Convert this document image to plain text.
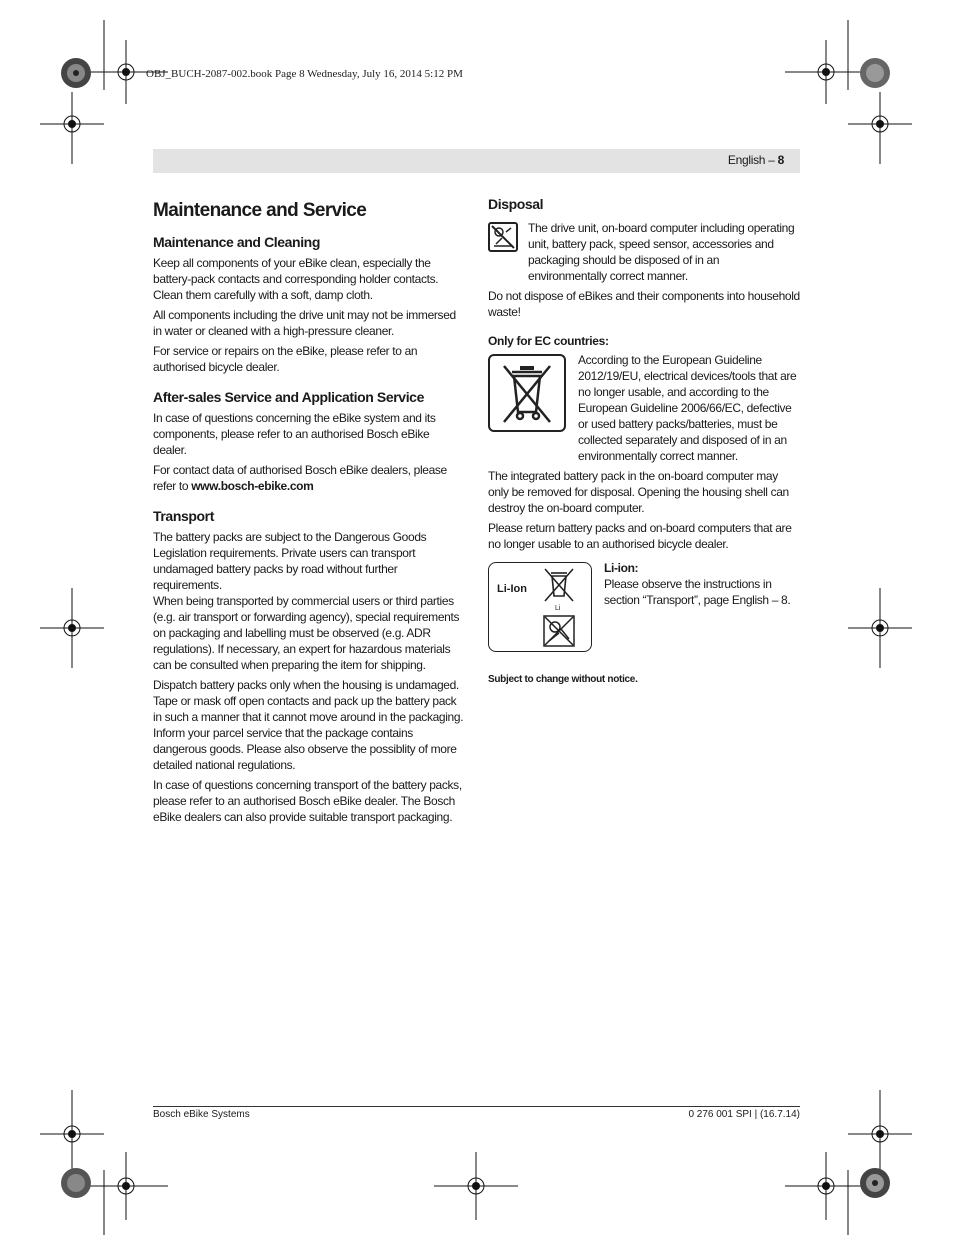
OBJ_BUCH-2087-002.book Page 8 Wednesday, July 16, 2014 5:12 PM
English – 8
Maintenance and Service
Maintenance and Cleaning

Keep all components of your eBike clean, especially the battery-pack contacts and corresponding holder contacts. Clean them carefully with a soft, damp cloth.

All components including the drive unit may not be immersed in water or cleaned with a high-pressure cleaner.

For service or repairs on the eBike, please refer to an authorised bicycle dealer.

After-sales Service and Application Service

In case of questions concerning the eBike system and its components, please refer to an authorised Bosch eBike dealer.

For contact data of authorised Bosch eBike dealers, please refer to www.bosch-ebike.com

Transport

The battery packs are subject to the Dangerous Goods Legislation requirements. Private users can transport undamaged battery packs by road without further requirements.

When being transported by commercial users or third parties (e.g. air transport or forwarding agency), special requirements on packaging and labelling must be observed (e.g. ADR regulations). If necessary, an expert for hazardous materials can be consulted when preparing the item for shipping.

Dispatch battery packs only when the housing is undamaged. Tape or mask off open contacts and pack up the battery pack in such a manner that it cannot move around in the packaging. Inform your parcel service that the package contains dangerous goods. Please also observe the possiblity of more detailed national regulations.

In case of questions concerning transport of the battery packs, please refer to an authorised Bosch eBike dealer. The Bosch eBike dealers can also provide suitable transport packaging.

Disposal

The drive unit, on-board computer including operating unit, battery pack, speed sensor, accessories and packaging should be disposed of in an environmentally correct manner.

Do not dispose of eBikes and their components into household waste!

Only for EC countries:

According to the European Guideline 2012/19/EU, electrical devices/tools that are no longer usable, and according to the European Guideline 2006/66/EC, defective or used battery packs/batteries, must be collected separately and disposed of in an environmentally correct manner.

The integrated battery pack in the on-board computer may only be removed for disposal. Opening the housing shell can destroy the on-board computer.

Please return battery packs and on-board computers that are no longer usable to an authorised bicycle dealer.

Li-Ion
Li
Li-ion:

Please observe the instructions in section “Transport”, page English – 8.

Subject to change without notice.
Bosch eBike Systems	0 276 001 SPI | (16.7.14)
